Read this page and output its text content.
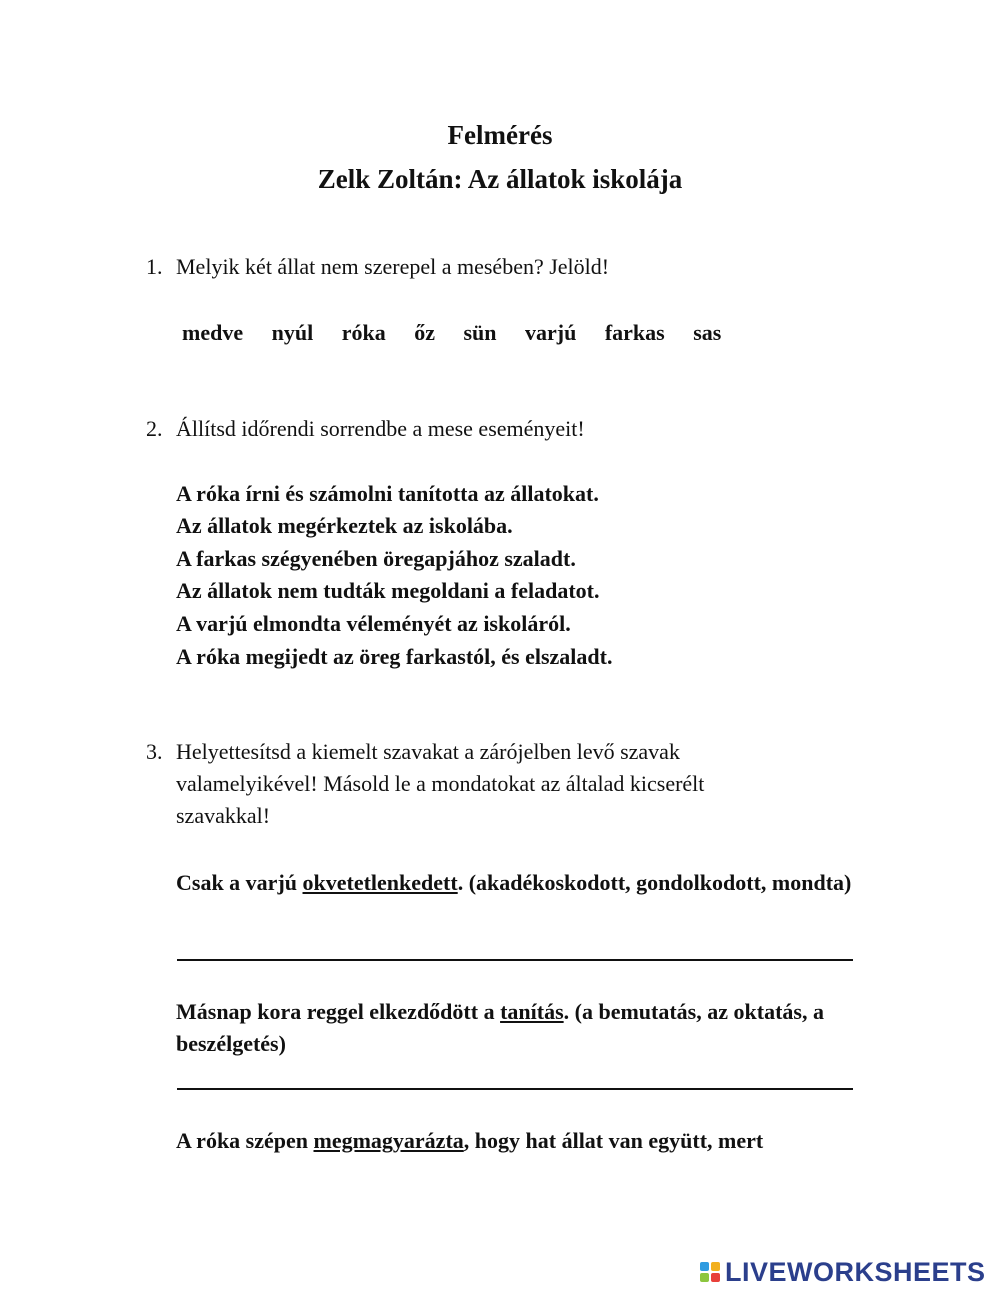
Felmérés
Zelk Zoltán: Az állatok iskolája
1. Melyik két állat nem szerepel a mesében? Jelöld!
medve nyúl róka őz sün varjú farkas sas
2. Állítsd időrendi sorrendbe a mese eseményeit!
A róka írni és számolni tanította az állatokat.
Az állatok megérkeztek az iskolába.
A farkas szégyenében öregapjához szaladt.
Az állatok nem tudták megoldani a feladatot.
A varjú elmondta véleményét az iskoláról.
A róka megijedt az öreg farkastól, és elszaladt.
3. Helyettesítsd a kiemelt szavakat a zárójelben levő szavak
valamelyikével! Másold le a mondatokat az általad kicserélt
szavakkal!
Csak a varjú okvetetlenkedett. (akadékoskodott, gondolkodott, mondta)
Másnap kora reggel elkezdődött a tanítás. (a bemutatás, az oktatás, a beszélgetés)
A róka szépen megmagyarázta, hogy hat állat van együtt, mert
LIVEWORKSHEETS
